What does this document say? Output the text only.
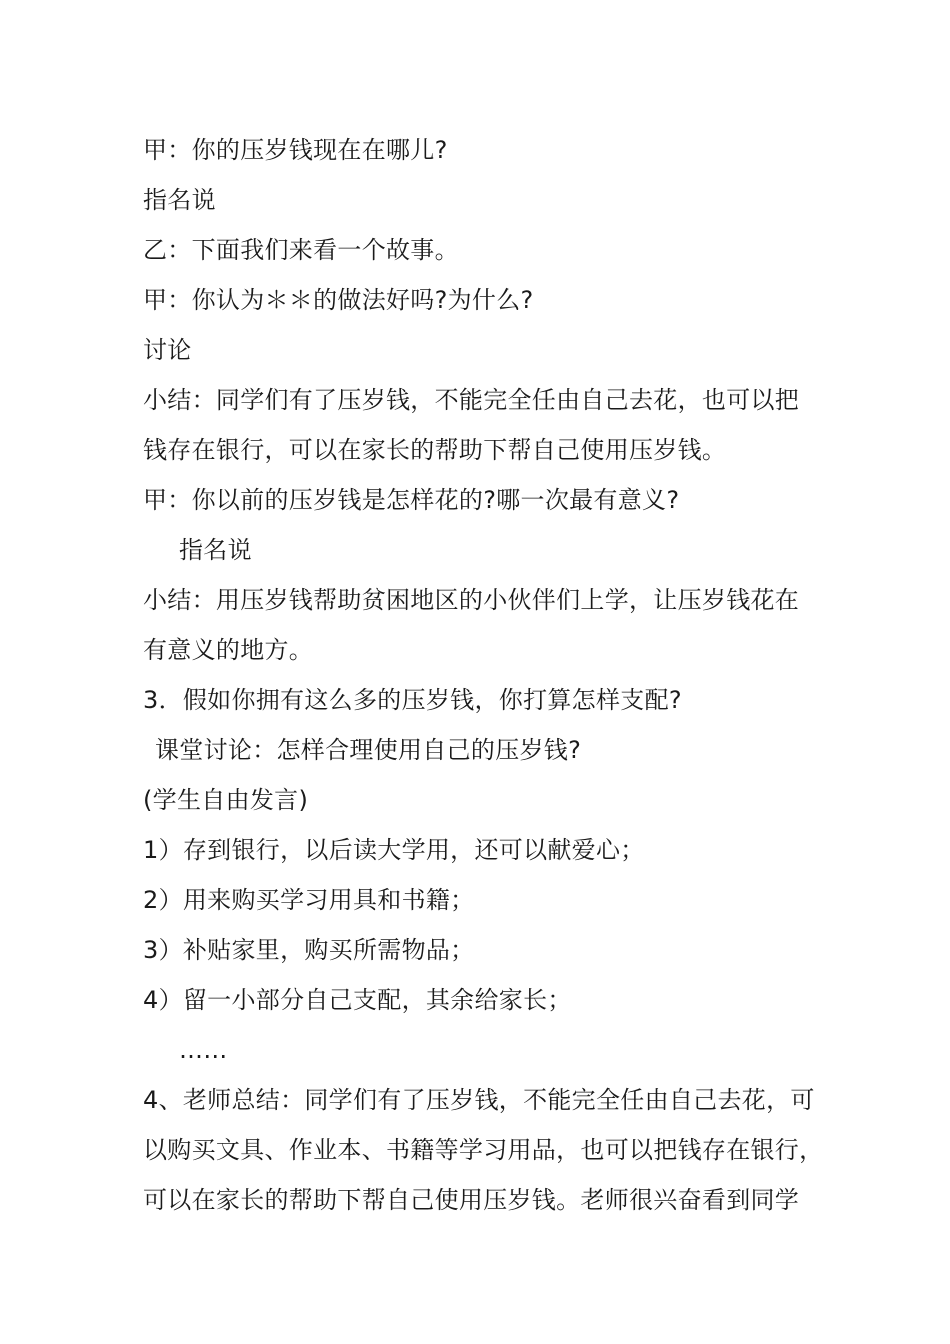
甲：你的压岁钱现在在哪儿?
指名说
乙：下面我们来看一个故事。
甲：你认为＊＊的做法好吗?为什么?
讨论
小结：同学们有了压岁钱，不能完全任由自己去花，也可以把
钱存在银行，可以在家长的帮助下帮自己使用压岁钱。
甲：你以前的压岁钱是怎样花的?哪一次最有意义?
指名说
小结：用压岁钱帮助贫困地区的小伙伴们上学，让压岁钱花在
有意义的地方。
3．假如你拥有这么多的压岁钱，你打算怎样支配?
课堂讨论：怎样合理使用自己的压岁钱?
(学生自由发言)
1）存到银行，以后读大学用，还可以献爱心；
2）用来购买学习用具和书籍；
3）补贴家里，购买所需物品；
4）留一小部分自己支配，其余给家长；
……
4、老师总结：同学们有了压岁钱，不能完全任由自己去花，可
以购买文具、作业本、书籍等学习用品，也可以把钱存在银行，
可以在家长的帮助下帮自己使用压岁钱。老师很兴奋看到同学
